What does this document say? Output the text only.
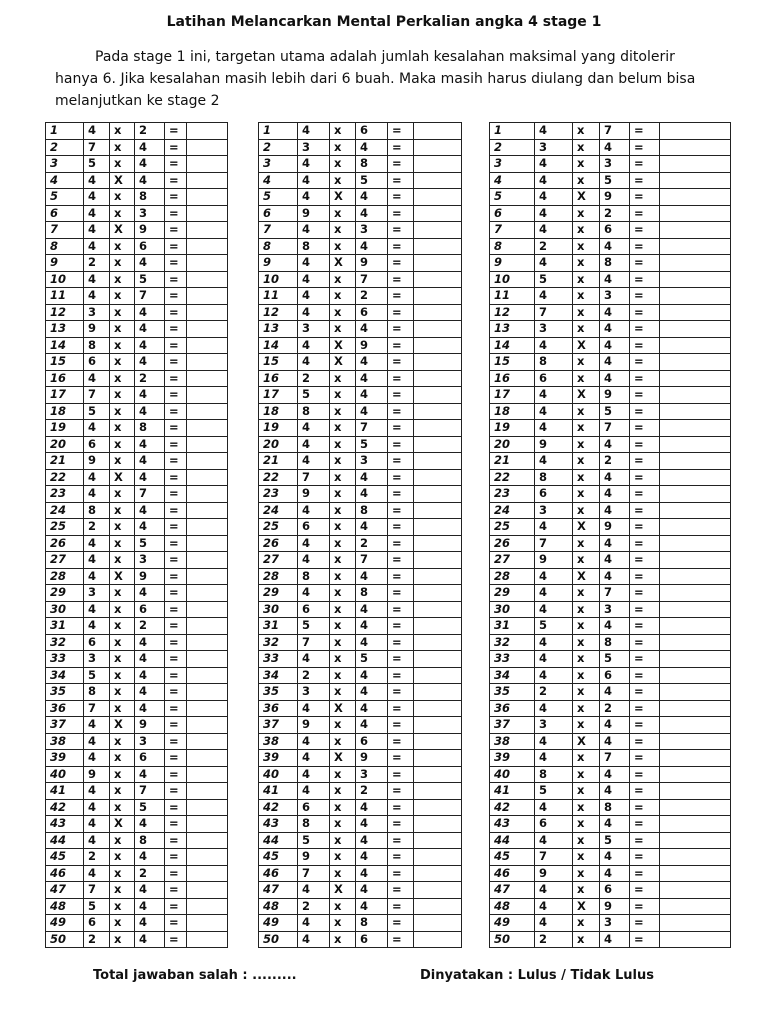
Latihan Melancarkan Mental Perkalian angka 4 stage 1
Pada stage 1 ini, targetan utama adalah jumlah kesalahan maksimal yang ditolerir hanya 6. Jika kesalahan masih lebih dari 6 buah. Maka masih harus diulang dan belum bisa melanjutkan ke stage 2
1	4	x	2	=	
2	7	x	4	=	
3	5	x	4	=	
4	4	X	4	=	
5	4	x	8	=	
6	4	x	3	=	
7	4	X	9	=	
8	4	x	6	=	
9	2	x	4	=	
10	4	x	5	=	
11	4	x	7	=	
12	3	x	4	=	
13	9	x	4	=	
14	8	x	4	=	
15	6	x	4	=	
16	4	x	2	=	
17	7	x	4	=	
18	5	x	4	=	
19	4	x	8	=	
20	6	x	4	=	
21	9	x	4	=	
22	4	X	4	=	
23	4	x	7	=	
24	8	x	4	=	
25	2	x	4	=	
26	4	x	5	=	
27	4	x	3	=	
28	4	X	9	=	
29	3	x	4	=	
30	4	x	6	=	
31	4	x	2	=	
32	6	x	4	=	
33	3	x	4	=	
34	5	x	4	=	
35	8	x	4	=	
36	7	x	4	=	
37	4	X	9	=	
38	4	x	3	=	
39	4	x	6	=	
40	9	x	4	=	
41	4	x	7	=	
42	4	x	5	=	
43	4	X	4	=	
44	4	x	8	=	
45	2	x	4	=	
46	4	x	2	=	
47	7	x	4	=	
48	5	x	4	=	
49	6	x	4	=	
50	2	x	4	=	
1	4	x	6	=	
2	3	x	4	=	
3	4	x	8	=	
4	4	x	5	=	
5	4	X	4	=	
6	9	x	4	=	
7	4	x	3	=	
8	8	x	4	=	
9	4	X	9	=	
10	4	x	7	=	
11	4	x	2	=	
12	4	x	6	=	
13	3	x	4	=	
14	4	X	9	=	
15	4	X	4	=	
16	2	x	4	=	
17	5	x	4	=	
18	8	x	4	=	
19	4	x	7	=	
20	4	x	5	=	
21	4	x	3	=	
22	7	x	4	=	
23	9	x	4	=	
24	4	x	8	=	
25	6	x	4	=	
26	4	x	2	=	
27	4	x	7	=	
28	8	x	4	=	
29	4	x	8	=	
30	6	x	4	=	
31	5	x	4	=	
32	7	x	4	=	
33	4	x	5	=	
34	2	x	4	=	
35	3	x	4	=	
36	4	X	4	=	
37	9	x	4	=	
38	4	x	6	=	
39	4	X	9	=	
40	4	x	3	=	
41	4	x	2	=	
42	6	x	4	=	
43	8	x	4	=	
44	5	x	4	=	
45	9	x	4	=	
46	7	x	4	=	
47	4	X	4	=	
48	2	x	4	=	
49	4	x	8	=	
50	4	x	6	=	
1	4	x	7	=	
2	3	x	4	=	
3	4	x	3	=	
4	4	x	5	=	
5	4	X	9	=	
6	4	x	2	=	
7	4	x	6	=	
8	2	x	4	=	
9	4	x	8	=	
10	5	x	4	=	
11	4	x	3	=	
12	7	x	4	=	
13	3	x	4	=	
14	4	X	4	=	
15	8	x	4	=	
16	6	x	4	=	
17	4	X	9	=	
18	4	x	5	=	
19	4	x	7	=	
20	9	x	4	=	
21	4	x	2	=	
22	8	x	4	=	
23	6	x	4	=	
24	3	x	4	=	
25	4	X	9	=	
26	7	x	4	=	
27	9	x	4	=	
28	4	X	4	=	
29	4	x	7	=	
30	4	x	3	=	
31	5	x	4	=	
32	4	x	8	=	
33	4	x	5	=	
34	4	x	6	=	
35	2	x	4	=	
36	4	x	2	=	
37	3	x	4	=	
38	4	X	4	=	
39	4	x	7	=	
40	8	x	4	=	
41	5	x	4	=	
42	4	x	8	=	
43	6	x	4	=	
44	4	x	5	=	
45	7	x	4	=	
46	9	x	4	=	
47	4	x	6	=	
48	4	X	9	=	
49	4	x	3	=	
50	2	x	4	=	
Total jawaban salah : .........	Dinyatakan : Lulus / Tidak Lulus
